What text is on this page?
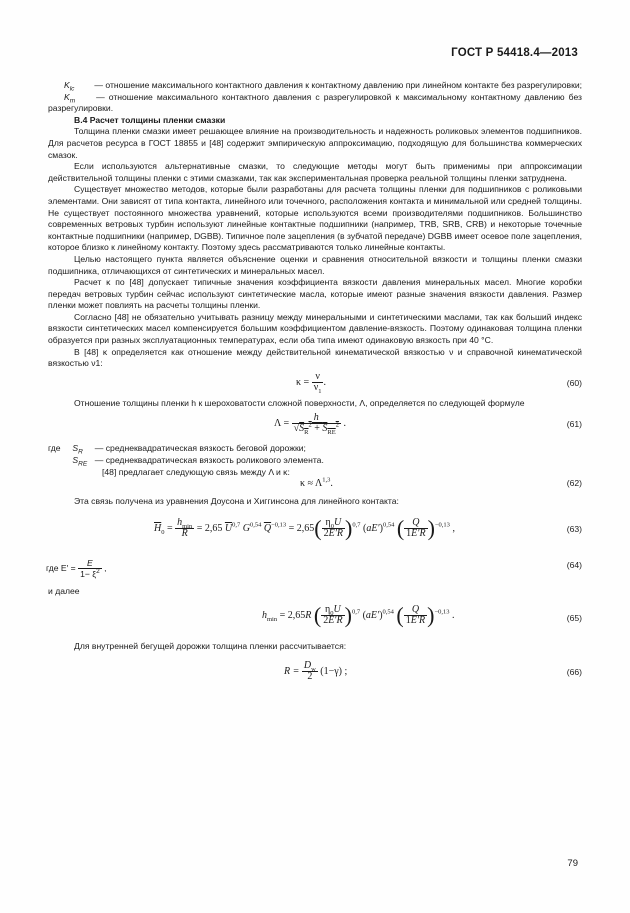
ГОСТ Р 54418.4—2013

$K_{lc}$ — отношение максимального контактного давления к контактному давлению при линейном контакте без разрегулировки;

$K_m$ — отношение максимального контактного давления с разрегулировкой к максимальному контактному давлению без разрегулировки.

В.4 Расчет толщины пленки смазки

Толщина пленки смазки имеет решающее влияние на производительность и надежность роликовых элементов подшипников. Для расчетов ресурса в ГОСТ 18855 и [48] содержит эмпирическую аппроксимацию, подходящую для большинства коммерческих смазок.

Если используются альтернативные смазки, то следующие методы могут быть применимы при аппроксимации действительной толщины пленки с этими смазками, так как экспериментальная проверка реальной толщины пленки затруднена.

Существует множество методов, которые были разработаны для расчета толщины пленки для подшипников с роликовыми элементами. Они зависят от типа контакта, линейного или точечного, расположения контакта и минимальной или средней толщины. Не существует постоянного множества уравнений, которые используются всеми производителями подшипников. Большинство современных ветровых турбин используют линейные контактные подшипники (например, TRB, SRB, CRB) и некоторые точечные контактные подшипники (например, DGBB). Типичное поле зацепления (в зубчатой передаче) DGBB имеет осевое поле зацепления, которое близко к линейному контакту. Поэтому здесь рассматриваются только линейные контакты.

Целью настоящего пункта является объяснение оценки и сравнения относительной вязкости и толщины пленки смазки подшипника, отличающихся от синтетических и минеральных масел.

Расчет κ по [48] допускает типичные значения коэффициента вязкости давления минеральных масел. Многие коробки передач ветровых турбин сейчас используют синтетические масла, которые имеют разные значения вязкости давления. Размер пленки может повлиять на расчеты толщины пленки.

Согласно [48] не обязательно учитывать разницу между минеральными и синтетическими маслами, так как больший индекс вязкости синтетических масел компенсируется большим коэффициентом давление-вязкость. Поэтому одинаковая толщина пленки образуется при разных эксплуатационных температурах, если оба типа имеют одинаковую вязкость при 40 °С.

В [48] κ определяется как отношение между действительной кинематической вязкостью ν и справочной кинематической вязкостью ν1:

$\kappa = \frac{\nu}{\nu_1}$ .	(60)

Отношение толщины пленки h к шероховатости сложной поверхности, Λ, определяется по следующей формуле

$\Lambda = \frac{h}{√S_R^2 + S_{RE}^2}$ .	(61)

где $S_R$ — среднеквадратическая вязкость беговой дорожки;

$S_{RE}$ — среднеквадратическая вязкость роликового элемента.

[48] предлагает следующую связь между Λ и κ:

κ ≈ Λ$^{1,3}$.	(62)

Эта связь получена из уравнения Доусона и Хиггинсона для линейного контакта:

$\overline{H}_0 = \frac{h_{min}}{R} = 2,65$ $\overline{U}^{0,7}$ G$^{0,54}$ $\overline{Q}^{-0,13} = 2,65( \frac{\eta_0U}{2E'R} )^{0,7}$ $(aE')^{0,54}$ ( $\frac{Q}{1E'R} )^{-0,13}$ ,	(63)
где $E' = \frac{E}{1- \xi^2}$ ,	(64)

и далее

$h_{min} = 2,65R$ ( $\frac{\eta_0U}{2E'R} )^{0,7}$ $(aE')^{0,54}$ ( $\frac{Q}{1E'R} )^{-0,13}$ .	(65)

Для внутренней бегущей дорожки толщина пленки рассчитывается:

$R = \frac{D_w}{2} (1-\gamma)$ ;	(66)
79
